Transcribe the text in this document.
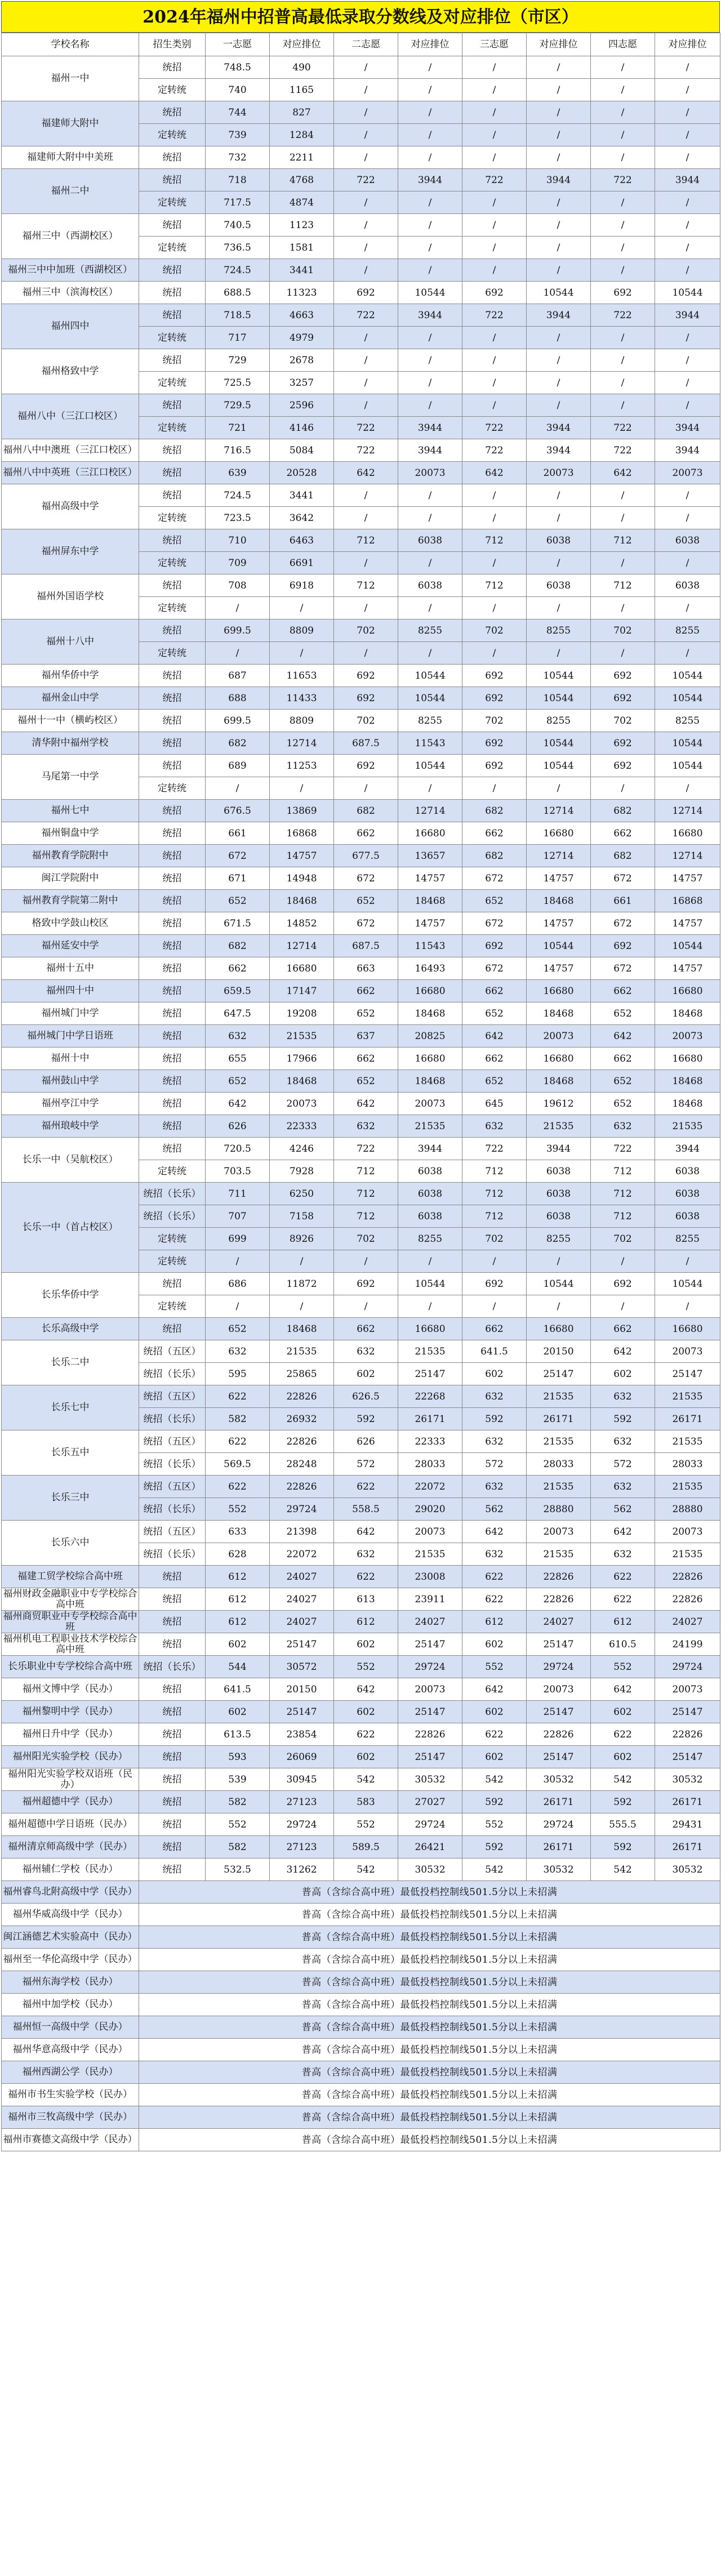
2024年福州中招普高最低录取分数线及对应排位（市区）
学校名称	招生类别	一志愿	对应排位	二志愿	对应排位	三志愿	对应排位	四志愿	对应排位
福州一中	统招	748.5	490	/	/	/	/	/	/
	定转统	740	1165	/	/	/	/	/	/
福建师大附中	统招	744	827	/	/	/	/	/	/
	定转统	739	1284	/	/	/	/	/	/
福建师大附中中美班	统招	732	2211	/	/	/	/	/	/
福州二中	统招	718	4768	722	3944	722	3944	722	3944
	定转统	717.5	4874	/	/	/	/	/	/
福州三中（西湖校区）	统招	740.5	1123	/	/	/	/	/	/
	定转统	736.5	1581	/	/	/	/	/	/
福州三中中加班（西湖校区）	统招	724.5	3441	/	/	/	/	/	/
福州三中（滨海校区）	统招	688.5	11323	692	10544	692	10544	692	10544
福州四中	统招	718.5	4663	722	3944	722	3944	722	3944
	定转统	717	4979	/	/	/	/	/	/
福州格致中学	统招	729	2678	/	/	/	/	/	/
	定转统	725.5	3257	/	/	/	/	/	/
福州八中（三江口校区）	统招	729.5	2596	/	/	/	/	/	/
	定转统	721	4146	722	3944	722	3944	722	3944
福州八中中澳班（三江口校区）	统招	716.5	5084	722	3944	722	3944	722	3944
福州八中中英班（三江口校区）	统招	639	20528	642	20073	642	20073	642	20073
福州高级中学	统招	724.5	3441	/	/	/	/	/	/
	定转统	723.5	3642	/	/	/	/	/	/
福州屏东中学	统招	710	6463	712	6038	712	6038	712	6038
	定转统	709	6691	/	/	/	/	/	/
福州外国语学校	统招	708	6918	712	6038	712	6038	712	6038
	定转统	/	/	/	/	/	/	/	/
福州十八中	统招	699.5	8809	702	8255	702	8255	702	8255
	定转统	/	/	/	/	/	/	/	/
福州华侨中学	统招	687	11653	692	10544	692	10544	692	10544
福州金山中学	统招	688	11433	692	10544	692	10544	692	10544
福州十一中（横屿校区）	统招	699.5	8809	702	8255	702	8255	702	8255
清华附中福州学校	统招	682	12714	687.5	11543	692	10544	692	10544
马尾第一中学	统招	689	11253	692	10544	692	10544	692	10544
	定转统	/	/	/	/	/	/	/	/
福州七中	统招	676.5	13869	682	12714	682	12714	682	12714
福州铜盘中学	统招	661	16868	662	16680	662	16680	662	16680
福州教育学院附中	统招	672	14757	677.5	13657	682	12714	682	12714
闽江学院附中	统招	671	14948	672	14757	672	14757	672	14757
福州教育学院第二附中	统招	652	18468	652	18468	652	18468	661	16868
格致中学鼓山校区	统招	671.5	14852	672	14757	672	14757	672	14757
福州延安中学	统招	682	12714	687.5	11543	692	10544	692	10544
福州十五中	统招	662	16680	663	16493	672	14757	672	14757
福州四十中	统招	659.5	17147	662	16680	662	16680	662	16680
福州城门中学	统招	647.5	19208	652	18468	652	18468	652	18468
福州城门中学日语班	统招	632	21535	637	20825	642	20073	642	20073
福州十中	统招	655	17966	662	16680	662	16680	662	16680
福州鼓山中学	统招	652	18468	652	18468	652	18468	652	18468
福州亭江中学	统招	642	20073	642	20073	645	19612	652	18468
福州琅岐中学	统招	626	22333	632	21535	632	21535	632	21535
长乐一中（吴航校区）	统招	720.5	4246	722	3944	722	3944	722	3944
	定转统	703.5	7928	712	6038	712	6038	712	6038
长乐一中（首占校区）	统招（长乐）	711	6250	712	6038	712	6038	712	6038
	统招（长乐）	707	7158	712	6038	712	6038	712	6038
	定转统	699	8926	702	8255	702	8255	702	8255
	定转统	/	/	/	/	/	/	/	/
长乐华侨中学	统招	686	11872	692	10544	692	10544	692	10544
	定转统	/	/	/	/	/	/	/	/
长乐高级中学	统招	652	18468	662	16680	662	16680	662	16680
长乐二中	统招（五区）	632	21535	632	21535	641.5	20150	642	20073
	统招（长乐）	595	25865	602	25147	602	25147	602	25147
长乐七中	统招（五区）	622	22826	626.5	22268	632	21535	632	21535
	统招（长乐）	582	26932	592	26171	592	26171	592	26171
长乐五中	统招（五区）	622	22826	626	22333	632	21535	632	21535
	统招（长乐）	569.5	28248	572	28033	572	28033	572	28033
长乐三中	统招（五区）	622	22826	622	22072	632	21535	632	21535
	统招（长乐）	552	29724	558.5	29020	562	28880	562	28880
长乐六中	统招（五区）	633	21398	642	20073	642	20073	642	20073
	统招（长乐）	628	22072	632	21535	632	21535	632	21535
福建工贸学校综合高中班	统招	612	24027	622	23008	622	22826	622	22826
福州财政金融职业中专学校综合高中班	统招	612	24027	613	23911	622	22826	622	22826
福州商贸职业中专学校综合高中班	统招	612	24027	612	24027	612	24027	612	24027
福州机电工程职业技术学校综合高中班	统招	602	25147	602	25147	602	25147	610.5	24199
长乐职业中专学校综合高中班	统招（长乐）	544	30572	552	29724	552	29724	552	29724
福州文博中学（民办）	统招	641.5	20150	642	20073	642	20073	642	20073
福州黎明中学（民办）	统招	602	25147	602	25147	602	25147	602	25147
福州日升中学（民办）	统招	613.5	23854	622	22826	622	22826	622	22826
福州阳光实验学校（民办）	统招	593	26069	602	25147	602	25147	602	25147
福州阳光实验学校双语班（民办）	统招	539	30945	542	30532	542	30532	542	30532
福州超德中学（民办）	统招	582	27123	583	27027	592	26171	592	26171
福州超德中学日语班（民办）	统招	552	29724	552	29724	552	29724	555.5	29431
福州清京师高级中学（民办）	统招	582	27123	589.5	26421	592	26171	592	26171
福州辅仁学校（民办）	统招	532.5	31262	542	30532	542	30532	542	30532
福州睿鸟北附高级中学（民办）	普高（含综合高中班）最低投档控制线501.5分以上未招满								
福州华威高级中学（民办）	普高（含综合高中班）最低投档控制线501.5分以上未招满								
闽江涵德艺术实验高中（民办）	普高（含综合高中班）最低投档控制线501.5分以上未招满								
福州至一华伦高级中学（民办）	普高（含综合高中班）最低投档控制线501.5分以上未招满								
福州东海学校（民办）	普高（含综合高中班）最低投档控制线501.5分以上未招满								
福州中加学校（民办）	普高（含综合高中班）最低投档控制线501.5分以上未招满								
福州恒一高级中学（民办）	普高（含综合高中班）最低投档控制线501.5分以上未招满								
福州华意高级中学（民办）	普高（含综合高中班）最低投档控制线501.5分以上未招满								
福州西湖公学（民办）	普高（含综合高中班）最低投档控制线501.5分以上未招满								
福州市书生实验学校（民办）	普高（含综合高中班）最低投档控制线501.5分以上未招满								
福州市三牧高级中学（民办）	普高（含综合高中班）最低投档控制线501.5分以上未招满								
福州市赛德文高级中学（民办）	普高（含综合高中班）最低投档控制线501.5分以上未招满								
